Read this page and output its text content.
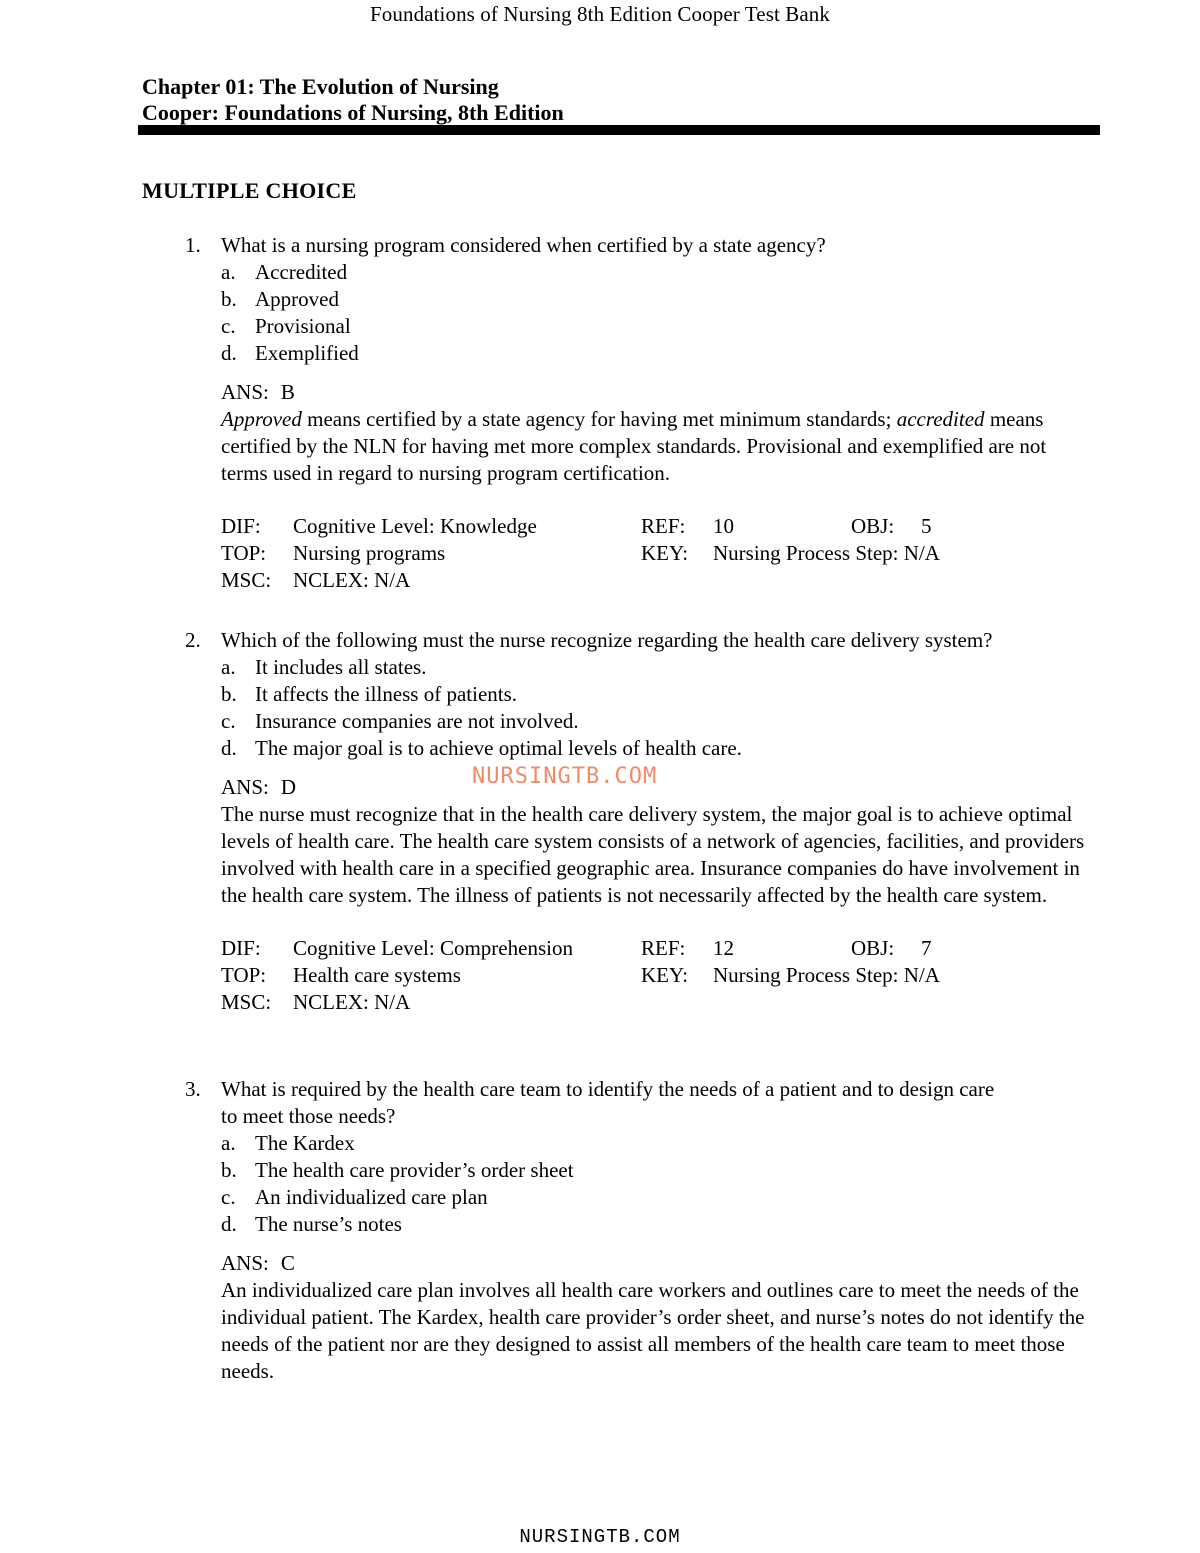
Foundations of Nursing 8th Edition Cooper Test Bank
Chapter 01: The Evolution of Nursing
Cooper: Foundations of Nursing, 8th Edition
MULTIPLE CHOICE
1. What is a nursing program considered when certified by a state agency?
a. Accredited
b. Approved
c. Provisional
d. Exemplified
ANS: B
Approved means certified by a state agency for having met minimum standards; accredited means certified by the NLN for having met more complex standards. Provisional and exemplified are not terms used in regard to nursing program certification.
DIF: Cognitive Level: Knowledge	REF: 10	OBJ: 5
TOP: Nursing programs	KEY: Nursing Process Step: N/A
MSC: NCLEX: N/A
2. Which of the following must the nurse recognize regarding the health care delivery system?
a. It includes all states.
b. It affects the illness of patients.
c. Insurance companies are not involved.
d. The major goal is to achieve optimal levels of health care.
ANS: D
The nurse must recognize that in the health care delivery system, the major goal is to achieve optimal levels of health care. The health care system consists of a network of agencies, facilities, and providers involved with health care in a specified geographic area. Insurance companies do have involvement in the health care system. The illness of patients is not necessarily affected by the health care system.
DIF: Cognitive Level: Comprehension	REF: 12	OBJ: 7
TOP: Health care systems	KEY: Nursing Process Step: N/A
MSC: NCLEX: N/A
3. What is required by the health care team to identify the needs of a patient and to design care
to meet those needs?
a. The Kardex
b. The health care provider’s order sheet
c. An individualized care plan
d. The nurse’s notes
ANS: C
An individualized care plan involves all health care workers and outlines care to meet the needs of the individual patient. The Kardex, health care provider’s order sheet, and nurse’s notes do not identify the needs of the patient nor are they designed to assist all members of the health care team to meet those needs.
NURSINGTB.COM
NURSINGTB.COM
